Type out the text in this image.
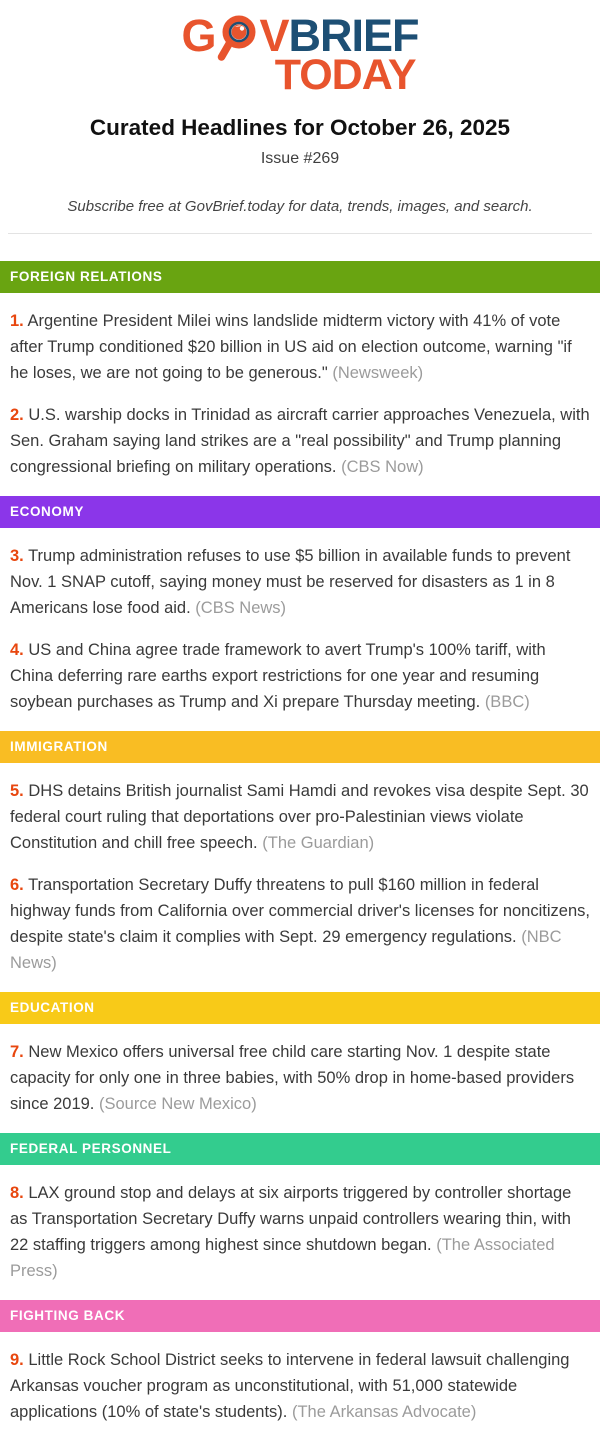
G V BRIEF
TODAY
Curated Headlines for October 26, 2025
Issue #269
Subscribe free at GovBrief.today for data, trends, images, and search.
FOREIGN RELATIONS

1. Argentine President Milei wins landslide midterm victory with 41% of vote after Trump conditioned $20 billion in US aid on election outcome, warning "if he loses, we are not going to be generous." (Newsweek)

2. U.S. warship docks in Trinidad as aircraft carrier approaches Venezuela, with Sen. Graham saying land strikes are a "real possibility" and Trump planning congressional briefing on military operations. (CBS Now)

ECONOMY

3. Trump administration refuses to use $5 billion in available funds to prevent Nov. 1 SNAP cutoff, saying money must be reserved for disasters as 1 in 8 Americans lose food aid. (CBS News)

4. US and China agree trade framework to avert Trump's 100% tariff, with China deferring rare earths export restrictions for one year and resuming soybean purchases as Trump and Xi prepare Thursday meeting. (BBC)

IMMIGRATION

5. DHS detains British journalist Sami Hamdi and revokes visa despite Sept. 30 federal court ruling that deportations over pro-Palestinian views violate Constitution and chill free speech. (The Guardian)

6. Transportation Secretary Duffy threatens to pull $160 million in federal highway funds from California over commercial driver's licenses for noncitizens, despite state's claim it complies with Sept. 29 emergency regulations. (NBC News)

EDUCATION

7. New Mexico offers universal free child care starting Nov. 1 despite state capacity for only one in three babies, with 50% drop in home-based providers since 2019. (Source New Mexico)

FEDERAL PERSONNEL

8. LAX ground stop and delays at six airports triggered by controller shortage as Transportation Secretary Duffy warns unpaid controllers wearing thin, with 22 staffing triggers among highest since shutdown began. (The Associated Press)

FIGHTING BACK

9. Little Rock School District seeks to intervene in federal lawsuit challenging Arkansas voucher program as unconstitutional, with 51,000 statewide applications (10% of state's students). (The Arkansas Advocate)
